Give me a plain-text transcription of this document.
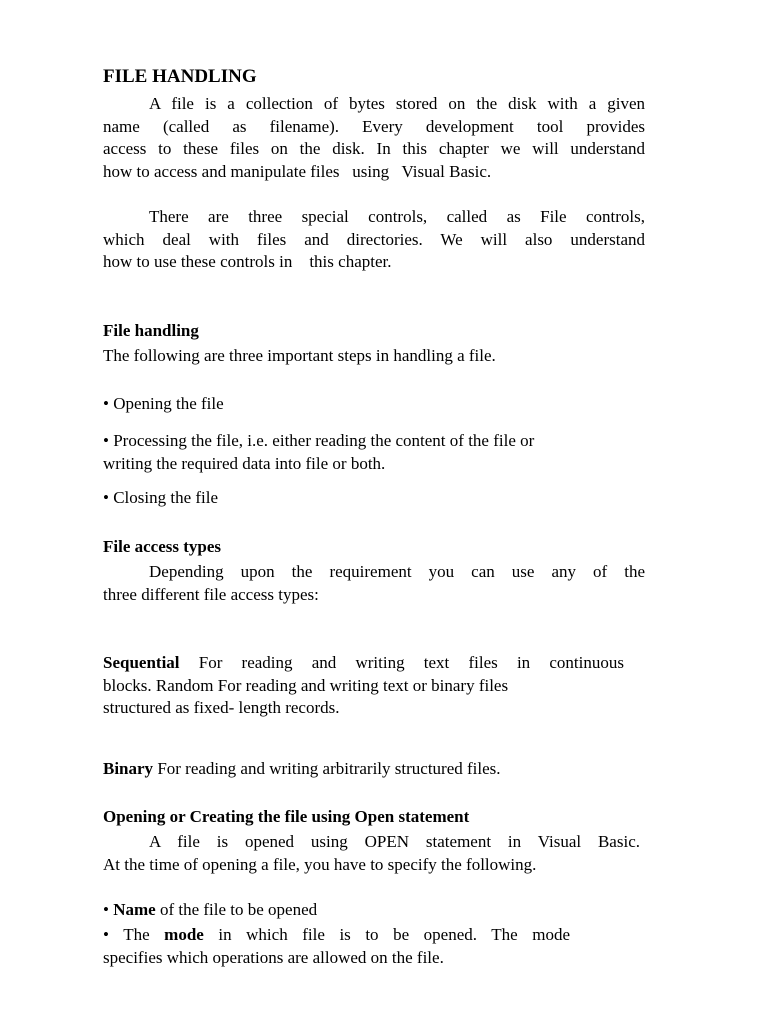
FILE HANDLING
A file is a collection of bytes stored on the disk with a given
name (called as filename). Every development tool provides
access to these files on the disk. In this chapter we will understand
how to access and manipulate files   using   Visual Basic.
There are three special controls, called as File controls,
which deal with files and directories. We will also understand
how to use these controls in    this chapter.
File handling
The following are three important steps in handling a file.
• Opening the file
• Processing the file, i.e. either reading the content of the file or
writing the required data into file or both.
• Closing the file
File access types
Depending upon the requirement you can use any of the
three different file access types:
Sequential For reading and writing text files in continuous
blocks. Random For reading and writing text or binary files
structured as fixed- length records.
Binary For reading and writing arbitrarily structured files.
Opening or Creating the file using Open statement
A file is opened using OPEN statement in Visual Basic.
At the time of opening a file, you have to specify the following.
• Name of the file to be opened
• The mode in which file is to be opened. The mode
specifies which operations are allowed on the file.
